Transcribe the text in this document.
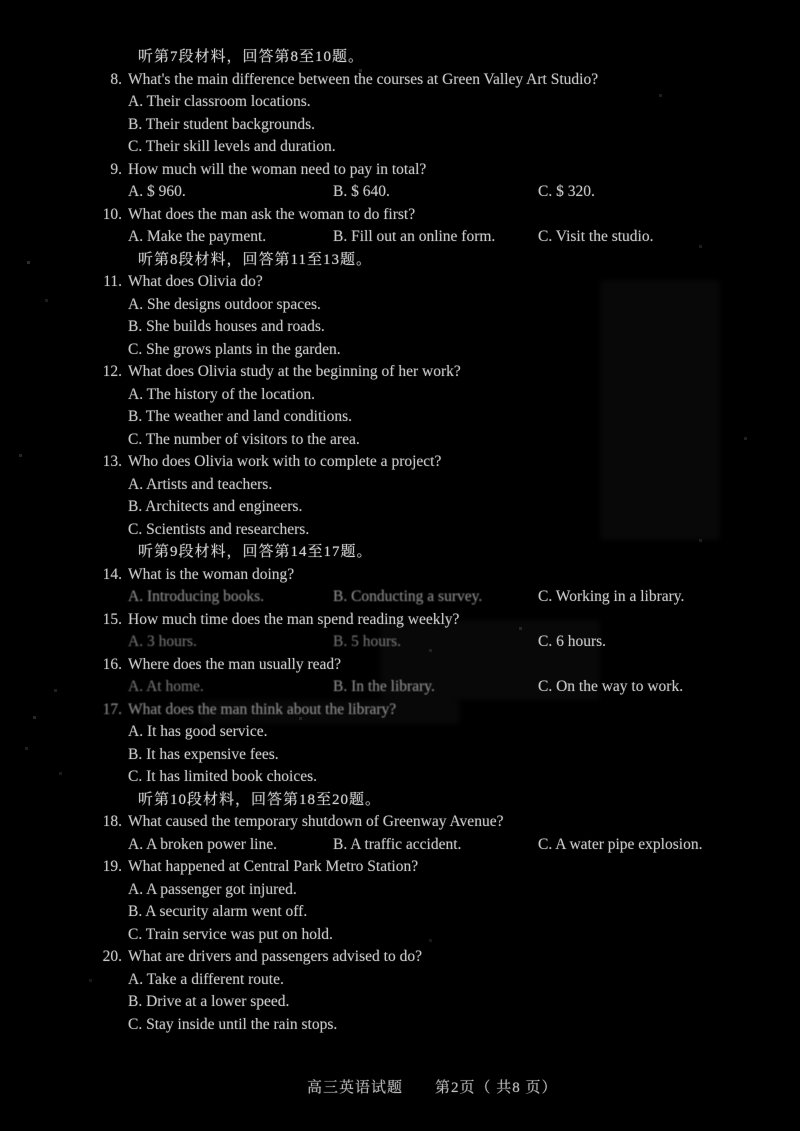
听第7段材料，回答第8至10题。
8. What's the main difference between the courses at Green Valley Art Studio?
A. Their classroom locations.
B. Their student backgrounds.
C. Their skill levels and duration.
9. How much will the woman need to pay in total?
A. $ 960.	B. $ 640.	C. $ 320.
10. What does the man ask the woman to do first?
A. Make the payment.	B. Fill out an online form.	C. Visit the studio.
听第8段材料，回答第11至13题。
11. What does Olivia do?
A. She designs outdoor spaces.
B. She builds houses and roads.
C. She grows plants in the garden.
12. What does Olivia study at the beginning of her work?
A. The history of the location.
B. The weather and land conditions.
C. The number of visitors to the area.
13. Who does Olivia work with to complete a project?
A. Artists and teachers.
B. Architects and engineers.
C. Scientists and researchers.
听第9段材料，回答第14至17题。
14. What is the woman doing?
A. Introducing books.	B. Conducting a survey.	C. Working in a library.
15. How much time does the man spend reading weekly?
A. 3 hours.	B. 5 hours.	C. 6 hours.
16. Where does the man usually read?
A. At home.	B. In the library.	C. On the way to work.
17. What does the man think about the library?
A. It has good service.
B. It has expensive fees.
C. It has limited book choices.
听第10段材料，回答第18至20题。
18. What caused the temporary shutdown of Greenway Avenue?
A. A broken power line.	B. A traffic accident.	C. A water pipe explosion.
19. What happened at Central Park Metro Station?
A. A passenger got injured.
B. A security alarm went off.
C. Train service was put on hold.
20. What are drivers and passengers advised to do?
A. Take a different route.
B. Drive at a lower speed.
C. Stay inside until the rain stops.
高三英语试题 第2页（ 共8 页）
